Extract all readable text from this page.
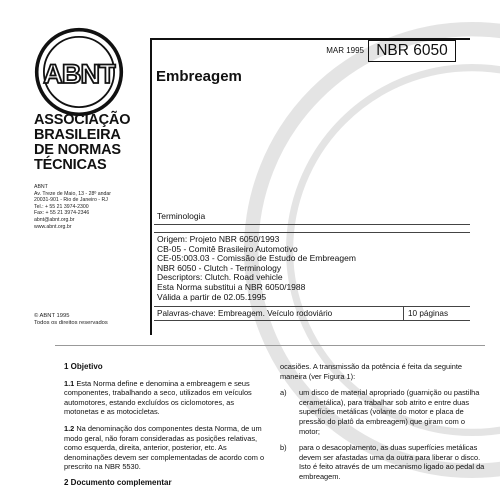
ABNT
ASSOCIAÇÃO
BRASILEIRA
DE NORMAS
TÉCNICAS
ABNT
Av. Treze de Maio, 13 - 28º andar
20031-901 - Rio de Janeiro - RJ
Tel.: + 55 21 3974-2300
Fax: + 55 21 3974-2346
abnt@abnt.org.br
www.abnt.org.br
© ABNT 1995
Todos os direitos reservados
MAR 1995 NBR 6050
Embreagem
Terminologia
Origem: Projeto NBR 6050/1993
CB-05 - Comitê Brasileiro Automotivo
CE-05:003.03 - Comissão de Estudo de Embreagem
NBR 6050 - Clutch - Terminology
Descriptors: Clutch. Road vehicle
Esta Norma substitui a NBR 6050/1988
Válida a partir de 02.05.1995
Palavras-chave: Embreagem. Veículo rodoviário	10 páginas

1 Objetivo

1.1 Esta Norma define e denomina a embreagem e seus componentes, trabalhando a seco, utilizados em veículos automotores, estando excluídos os ciclomotores, as motonetas e as motocicletas.

1.2 Na denominação dos componentes desta Norma, de um modo geral, não foram consideradas as posições relativas, como esquerda, direita, anterior, posterior, etc. As denominações devem ser complementadas de acordo com o prescrito na NBR 5530.

2 Documento complementar

ocasiões. A transmissão da potência é feita da seguinte maneira (ver Figura 1):

a) um disco de material apropriado (guarnição ou pastilha cerametálica), para trabalhar sob atrito e entre duas superfícies metálicas (volante do motor e placa de pressão do platô da embreagem) que giram com o motor;

b) para o desacoplamento, as duas superfícies metálicas devem ser afastadas uma da outra para liberar o disco. Isto é feito através de um mecanismo ligado ao pedal da embreagem.
